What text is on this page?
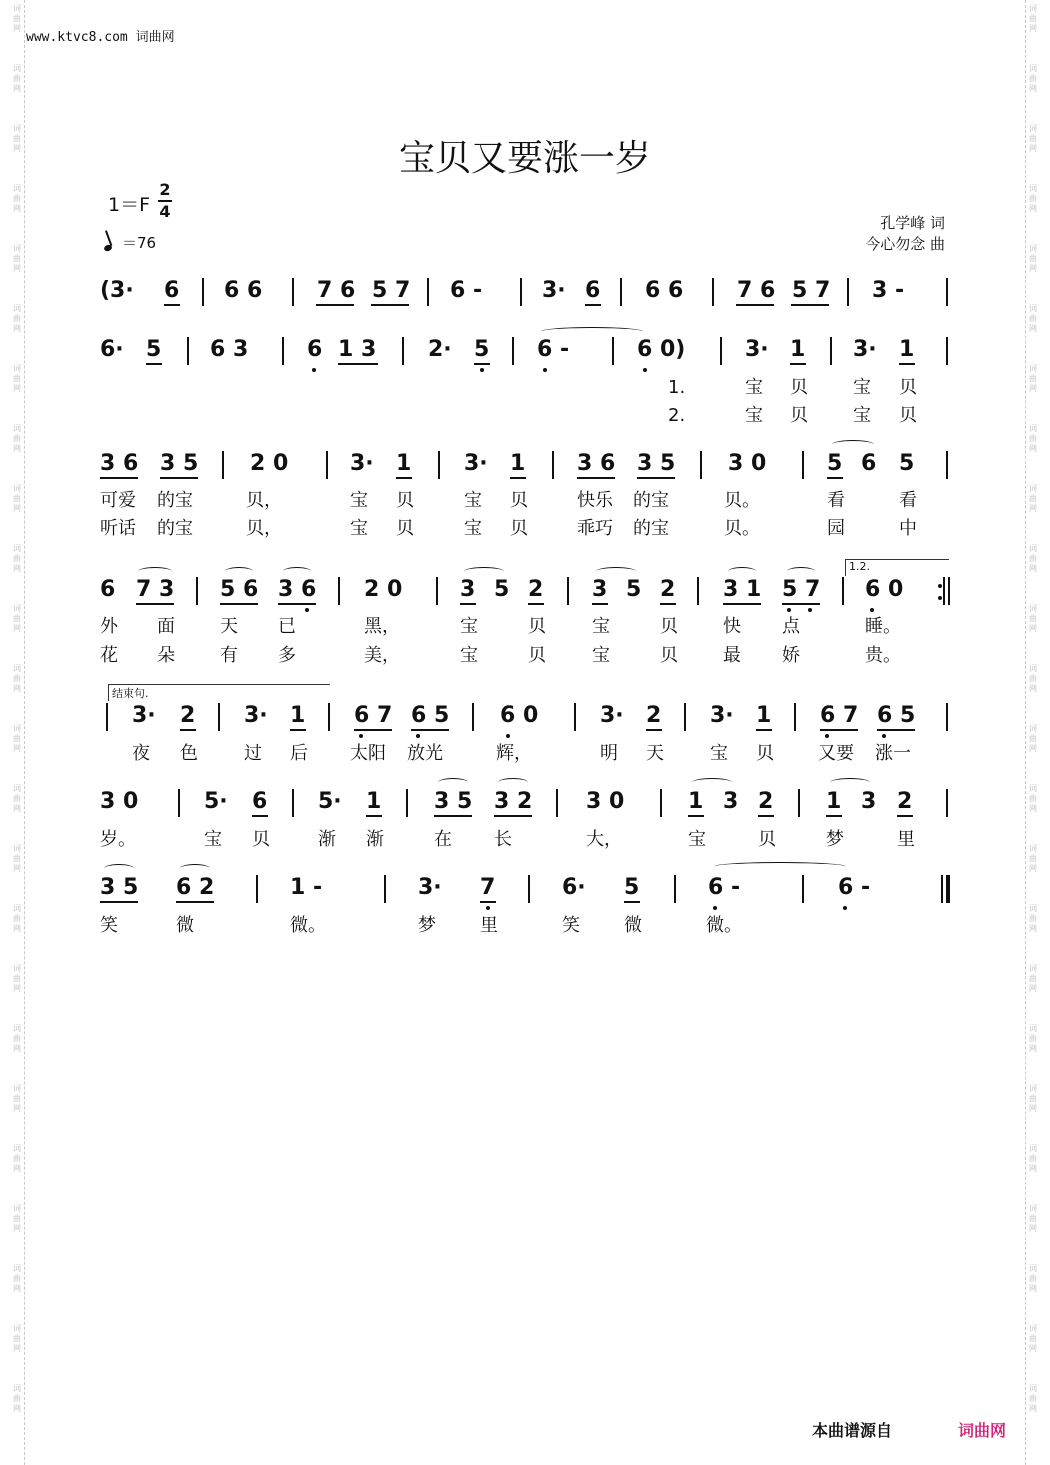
词
曲
网
词
曲
网
词
曲
网
词
曲
网
词
曲
网
词
曲
网
词
曲
网
词
曲
网
词
曲
网
词
曲
网
词
曲
网
词
曲
网
词
曲
网
词
曲
网
词
曲
网
词
曲
网
词
曲
网
词
曲
网
词
曲
网
词
曲
网
词
曲
网
词
曲
网
词
曲
网
词
曲
网
词
曲
网
词
曲
网
词
曲
网
词
曲
网
词
曲
网
词
曲
网
词
曲
网
词
曲
网
词
曲
网
词
曲
网
词
曲
网
词
曲
网
词
曲
网
词
曲
网
词
曲
网
词
曲
网
词
曲
网
词
曲
网
词
曲
网
词
曲
网
词
曲
网
词
曲
网
词
曲
网
词
曲
网
www.ktvc8.com 词曲网
宝贝又要涨一岁
1＝F
2
4
＝76
孔学峰 词
今心勿念 曲
(3· 6 6 6 7 6 5 7 6 -	3· 6 6 6 7 6 5 7 3 -
6· 5 6 3	6 1 3 2· 5 6 -	6 0)	3· 1 3· 1
1.	宝 贝	宝 贝
2.	宝 贝	宝 贝
3 6 3 5 2 0	3· 1 3· 1 3 6 3 5 3 0	5 6 5
可爱 的宝	贝，	宝 贝	宝 贝	快乐 的宝	贝。	看	看
听话 的宝	贝，	宝 贝	宝 贝	乖巧 的宝	贝。	园	中
6 7 3 5 6 3 6 2 0	3 5 2 3 5 2 3 1 5 7 6 0
1.2.
外 面	天 已	黑，	宝	贝	宝	贝	快 点	睡。
花 朵	有 多	美，	宝	贝	宝	贝	最 娇	贵。
结束句.
3· 2 3· 1 6 7 6 5 6 0	3· 2 3· 1 6 7 6 5
夜 色	过 后 太阳 放光	辉，	明 天	宝 贝 又要 涨一
3 0	5· 6 5· 1 3 5 3 2 3 0	1 3 2 1 3 2
岁。	宝 贝	渐 渐	在 长	大，	宝	贝	梦	里
3 5 6 2	1 -	3· 7	6· 5	6 -	6 -
笑	微	微。	梦 里	笑 微	微。
本曲谱源自	词曲网
